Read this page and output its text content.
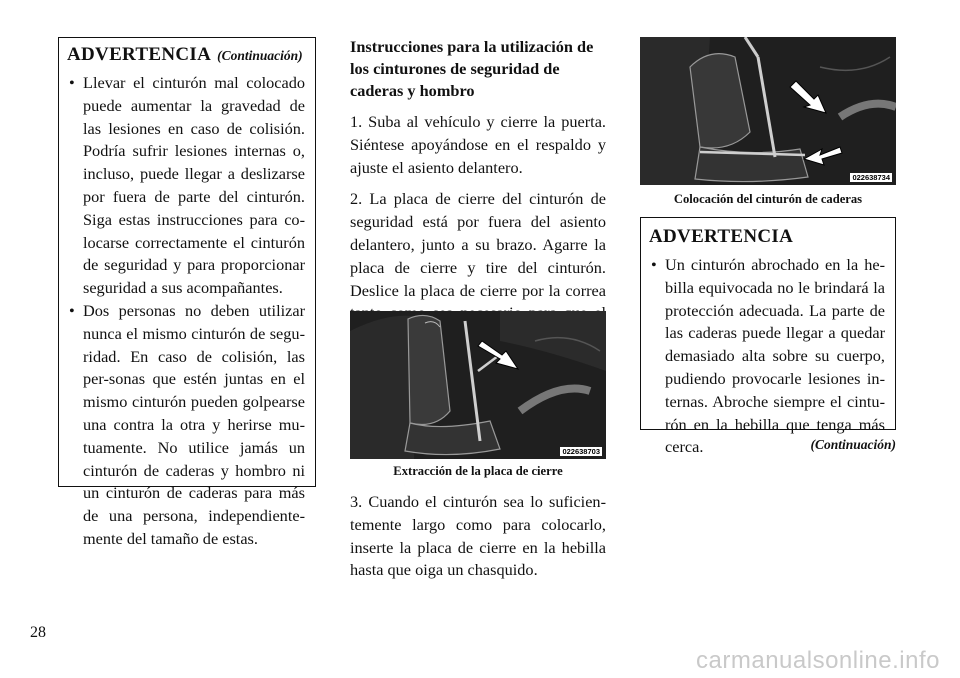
ADVERTENCIA (Continuación)
• Llevar el cinturón mal colocado puede aumentar la gravedad de las lesiones en caso de colisión. Podría sufrir lesiones internas o, incluso, puede llegar a deslizarse por fuera de parte del cinturón. Siga estas instrucciones para co-locarse correctamente el cinturón de seguridad y para proporcionar seguridad a sus acompañantes.
• Dos personas no deben utilizar nunca el mismo cinturón de segu-ridad. En caso de colisión, las per-sonas que estén juntas en el mismo cinturón pueden golpearse una contra la otra y herirse mu-tuamente. No utilice jamás un cinturón de caderas y hombro ni un cinturón de caderas para más de una persona, independiente-mente del tamaño de estas.
Instrucciones para la utilización de los cinturones de seguridad de caderas y hombro

1. Suba al vehículo y cierre la puerta. Siéntese apoyándose en el respaldo y ajuste el asiento delantero.

2. La placa de cierre del cinturón de seguridad está por fuera del asiento delantero, junto a su brazo. Agarre la placa de cierre y tire del cinturón. Deslice la placa de cierre por la correa

022638703
Extracción de la placa de cierre

3. Cuando el cinturón sea lo suficien-temente largo como para colocarlo, inserte la placa de cierre en la hebilla hasta que oiga un chasquido.

022638734
Colocación del cinturón de caderas
ADVERTENCIA
• Un cinturón abrochado en la he-billa equivocada no le brindará la protección adecuada. La parte de las caderas puede llegar a quedar demasiado alta sobre su cuerpo, pudiendo provocarle lesiones in-ternas. Abroche siempre el cintu-rón en la hebilla que tenga más cerca.	(Continuación)
28
carmanualsonline.info
